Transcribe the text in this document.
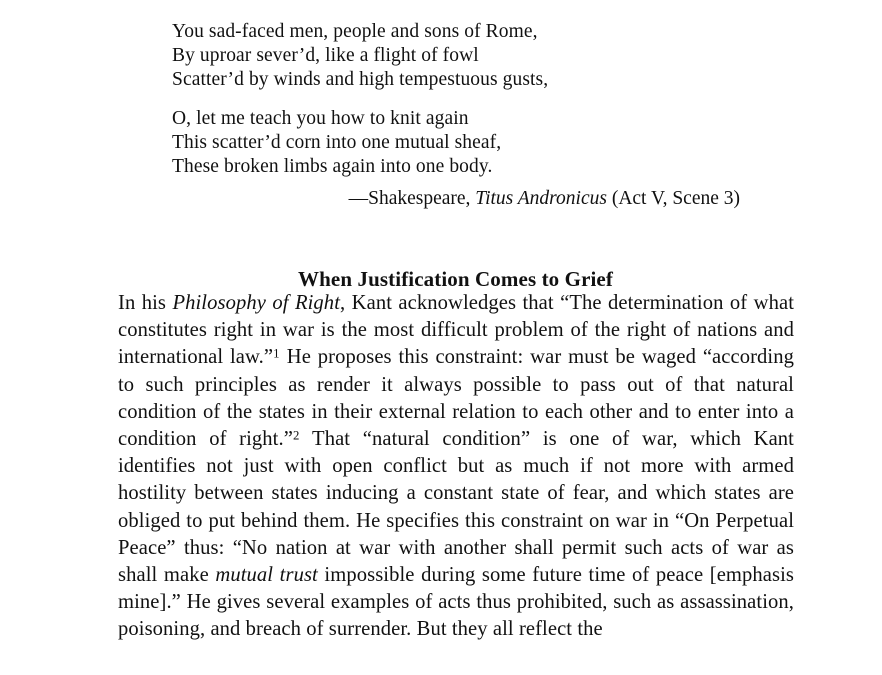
You sad-faced men, people and sons of Rome,
By uproar sever’d, like a flight of fowl
Scatter’d by winds and high tempestuous gusts,
O, let me teach you how to knit again
This scatter’d corn into one mutual sheaf,
These broken limbs again into one body.
—Shakespeare, Titus Andronicus (Act V, Scene 3)
When Justification Comes to Grief

In his Philosophy of Right, Kant acknowledges that “The determination of what constitutes right in war is the most difficult problem of the right of nations and international law.”$^1$ He proposes this constraint: war must be waged “according to such principles as render it always possible to pass out of that natural condition of the states in their external relation to each other and to enter into a condition of right.”$^2$ That “natural condition” is one of war, which Kant identifies not just with open conflict but as much if not more with armed hostility between states inducing a constant state of fear, and which states are obliged to put behind them. He specifies this constraint on war in “On Perpetual Peace” thus: “No nation at war with another shall permit such acts of war as shall make mutual trust impossible during some future time of peace [emphasis mine].” He gives several examples of acts thus prohibited, such as assassination, poisoning, and breach of surrender. But they all reflect the
